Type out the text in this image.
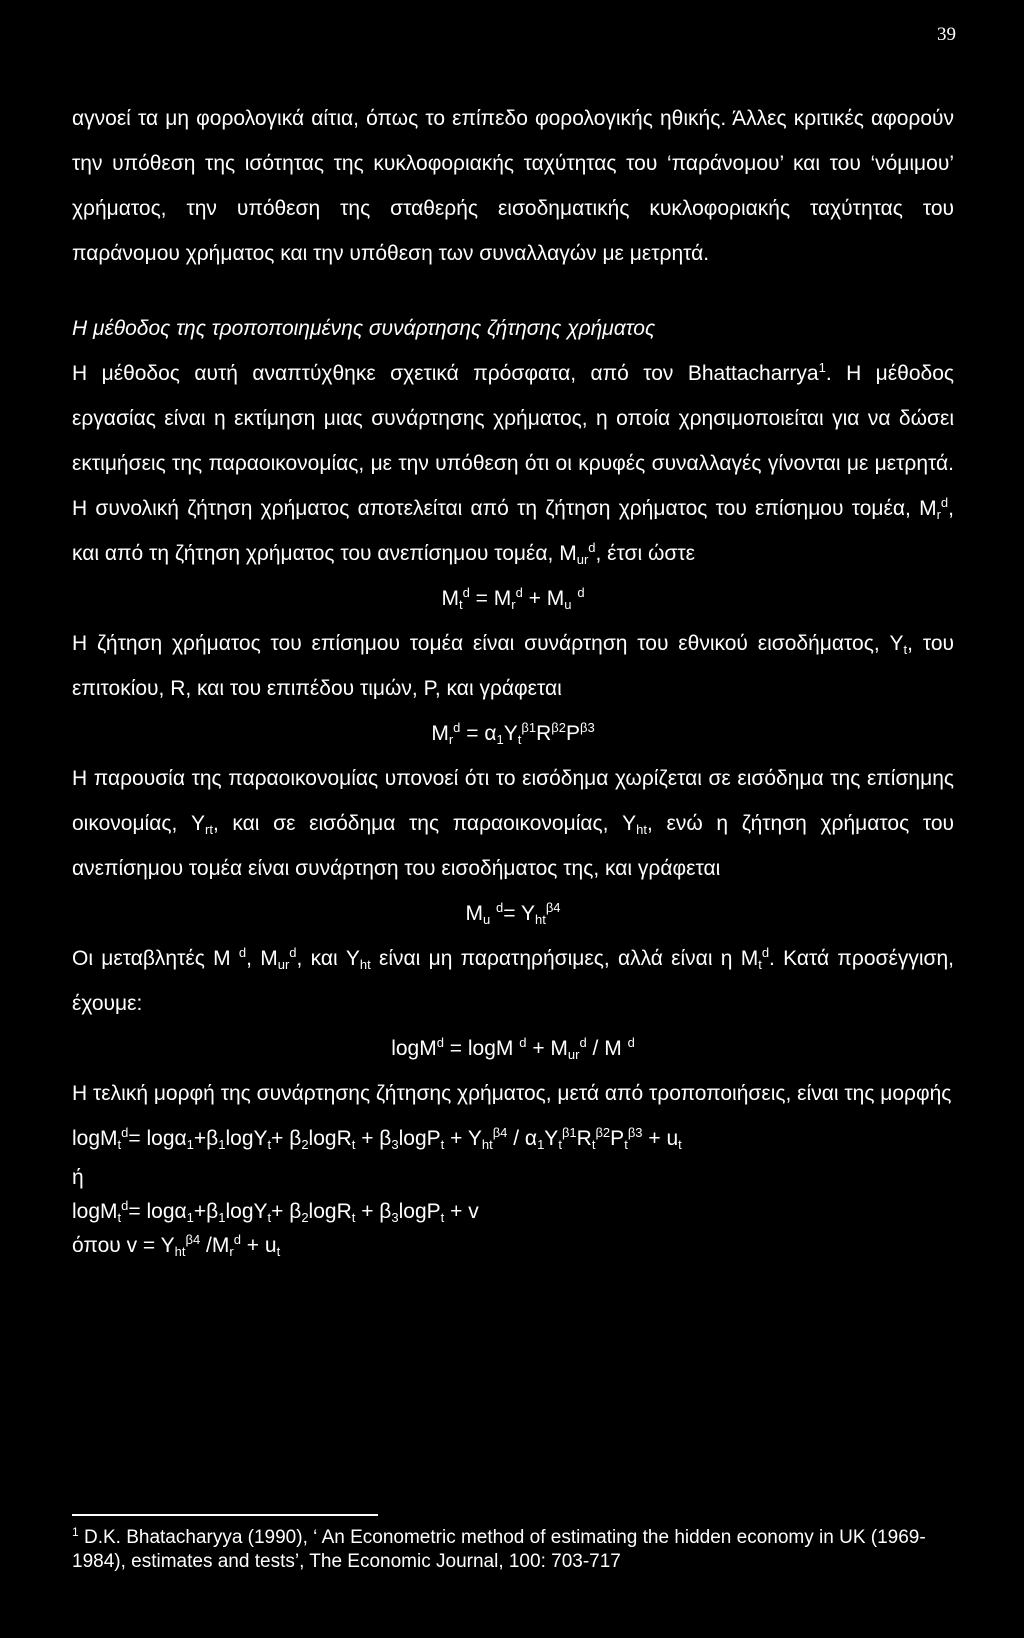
39

αγνοεί τα μη φορολογικά αίτια, όπως το επίπεδο φορολογικής ηθικής. Άλλες κριτικές αφορούν την υπόθεση της ισότητας της κυκλοφοριακής ταχύτητας του ‘παράνομου’ και του ‘νόμιμου’ χρήματος, την υπόθεση της σταθερής εισοδηματικής κυκλοφοριακής ταχύτητας του παράνομου χρήματος και την υπόθεση των συναλλαγών με μετρητά.

Η μέθοδος της τροποποιημένης συνάρτησης ζήτησης χρήματος

Η μέθοδος αυτή αναπτύχθηκε σχετικά πρόσφατα, από τον Bhattacharrya$^1$. Η μέθοδος εργασίας είναι η εκτίμηση μιας συνάρτησης χρήματος, η οποία χρησιμοποιείται για να δώσει εκτιμήσεις της παραοικονομίας, με την υπόθεση ότι οι κρυφές συναλλαγές γίνονται με μετρητά. Η συνολική ζήτηση χρήματος αποτελείται από τη ζήτηση χρήματος του επίσημου τομέα, $M_r^d$, και από τη ζήτηση χρήματος του ανεπίσημου τομέα, $M_{ur}^d$, έτσι ώστε

$M_t^d = M_r^d + M_u$ $^d$

Η ζήτηση χρήματος του επίσημου τομέα είναι συνάρτηση του εθνικού εισοδήματος, $Y_t$, του επιτοκίου, R, και του επιπέδου τιμών, P, και γράφεται

$M_r^d = \alpha_1Y_t^{\beta 1}R^{\beta 2}P^{\beta 3}$

Η παρουσία της παραοικονομίας υπονοεί ότι το εισόδημα χωρίζεται σε εισόδημα της επίσημης οικονομίας, $Y_{rt}$, και σε εισόδημα της παραοικονομίας, $Y_{ht}$, ενώ η ζήτηση χρήματος του ανεπίσημου τομέα είναι συνάρτηση του εισοδήματος της, και γράφεται

$M_u$ $^d= Y_{ht}^{\beta 4}$

Οι μεταβλητές M $^d$, $M_{ur}^d$, και $Y_{ht}$ είναι μη παρατηρήσιμες, αλλά είναι η $M_t^d$. Κατά προσέγγιση, έχουμε:

logM$^d$ = logM $^d + M_{ur}^d / M$ $^d$

Η τελική μορφή της συνάρτησης ζήτησης χρήματος, μετά από τροποποιήσεις, είναι της μορφής

$\log M_t^d= \log\alpha_1+\beta_1\log Y_t+ \beta_2\log R_t + \beta_3\log P_t + Y_{ht}^{\beta 4} / \alpha_1Y_t^{\beta 1}R_t^{\beta 2}P_t^{\beta 3} + u_t$

ή

$\log M_t^d= \log\alpha_1+\beta_1\log Y_t+ \beta_2\log R_t + \beta_3\log P_t + v$

όπου $v = Y_{ht}^{\beta 4}$ $/M_r^d + u_t$

$^1$ D.K. Bhatacharyya (1990), ‘ An Econometric method of estimating the hidden economy in UK (1969-1984), estimates and tests’, The Economic Journal, 100: 703-717
